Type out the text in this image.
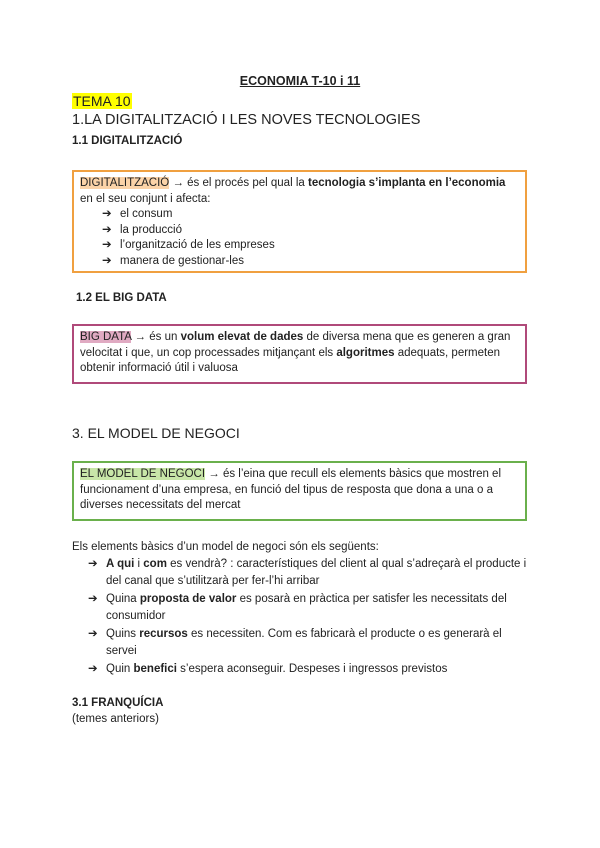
ECONOMIA T-10 i 11
TEMA 10
1.LA DIGITALITZACIÓ I LES NOVES TECNOLOGIES
1.1 DIGITALITZACIÓ
DIGITALITZACIÓ → és el procés pel qual la tecnologia s’implanta en l’economia en el seu conjunt i afecta:
➔ el consum
➔ la producció
➔ l’organització de les empreses
➔ manera de gestionar-les
1.2 EL BIG DATA
BIG DATA → és un volum elevat de dades de diversa mena que es generen a gran velocitat i que, un cop processades mitjançant els algoritmes adequats, permeten obtenir informació útil i valuosa
3. EL MODEL DE NEGOCI
EL MODEL DE NEGOCI → és l’eina que recull els elements bàsics que mostren el funcionament d’una empresa, en funció del tipus de resposta que dona a una o a diverses necessitats del mercat
Els elements bàsics d’un model de negoci són els següents:
➔ A qui i com es vendrà? : característiques del client al qual s’adreçarà el producte i del canal que s’utilitzarà per fer-l’hi arribar
➔ Quina proposta de valor es posarà en pràctica per satisfer les necessitats del consumidor
➔ Quins recursos es necessiten. Com es fabricarà el producte o es generarà el servei
➔ Quin benefici s’espera aconseguir. Despeses i ingressos previstos
3.1 FRANQUÍCIA
(temes anteriors)
